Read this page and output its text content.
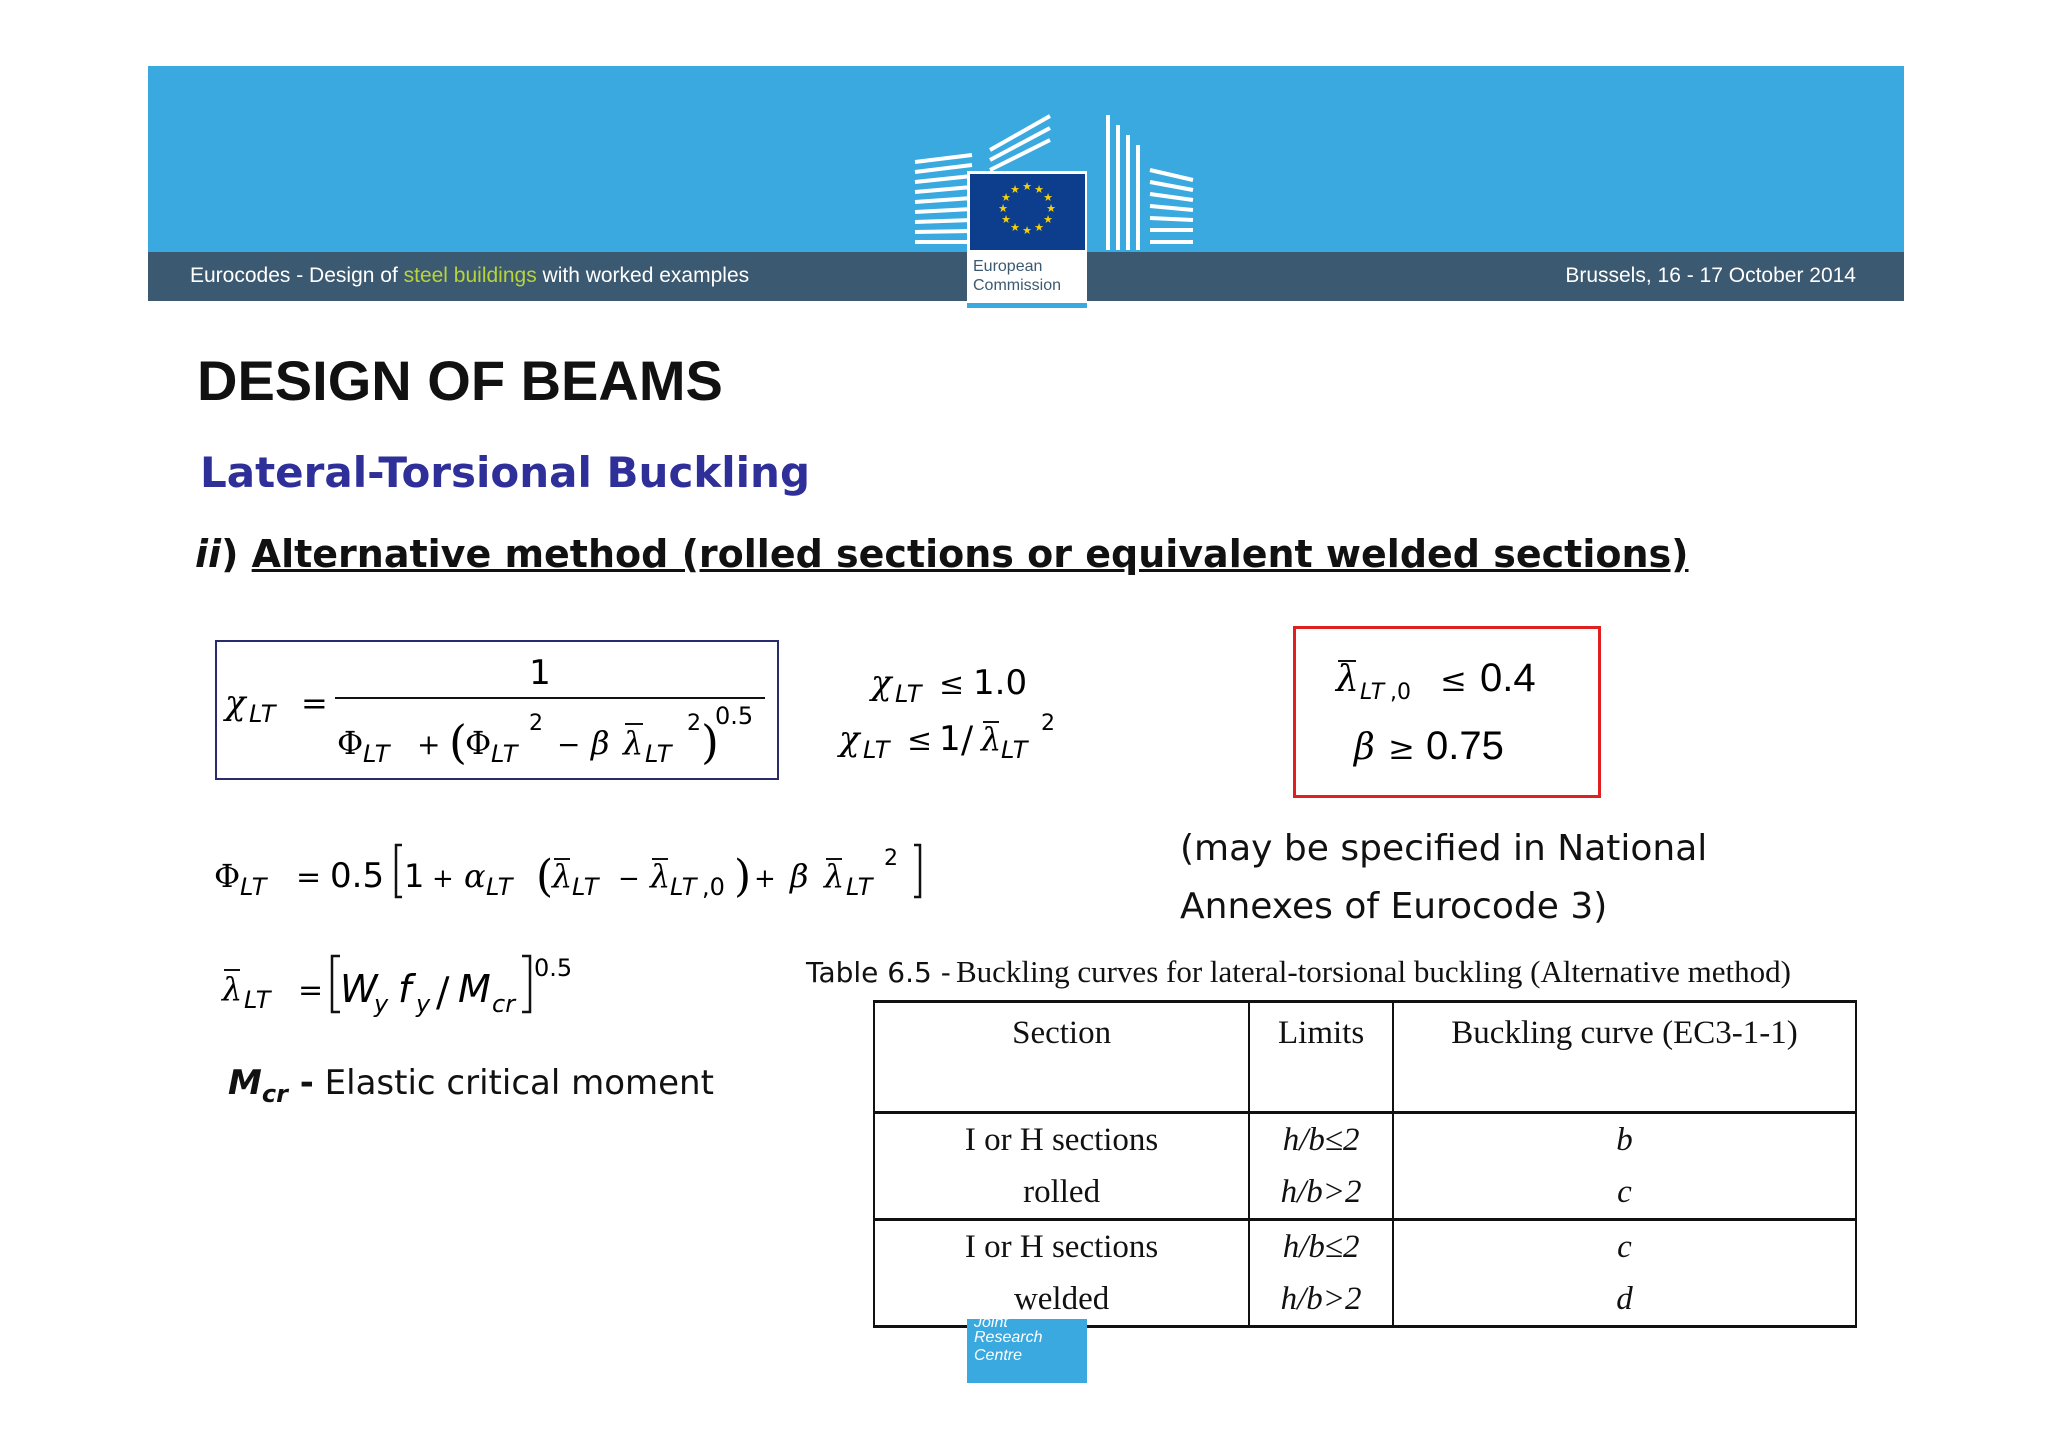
Eurocodes - Design of steel buildings with worked examples	Brussels, 16 - 17 October 2014
★ ★
★
★
★
★
★
★
★
★
★
★
European
Commission
DESIGN OF BEAMS
Lateral-Torsional Buckling
ii) Alternative method (rolled sections or equivalent welded sections)
χ LT =
1
Φ LT + (
Φ LT
2
− β λ LT
2 )
0.5
χ LT ≤ 1.0
χ LT ≤ 1 / λ LT
2
λ LT ,0 ≤ 0.4
β ≥ 0.75
Φ LT = 0.5 1 + α LT (
λ LT − λ LT ,0 ) + β λ LT
2	(may be specified in National
Annexes of Eurocode 3)
λ LT = W
y f y / M cr
0.5
$M_{cr}$ - Elastic critical moment
Table 6.5 - Buckling curves for lateral-torsional buckling (Alternative method)
Section	Limits	Buckling curve (EC3-1-1)
I or H sections	h/b≤2	b
rolled	h/b>2	c
I or H sections	h/b≤2	c
welded	h/b>2	d
Joint
Research
Centre
